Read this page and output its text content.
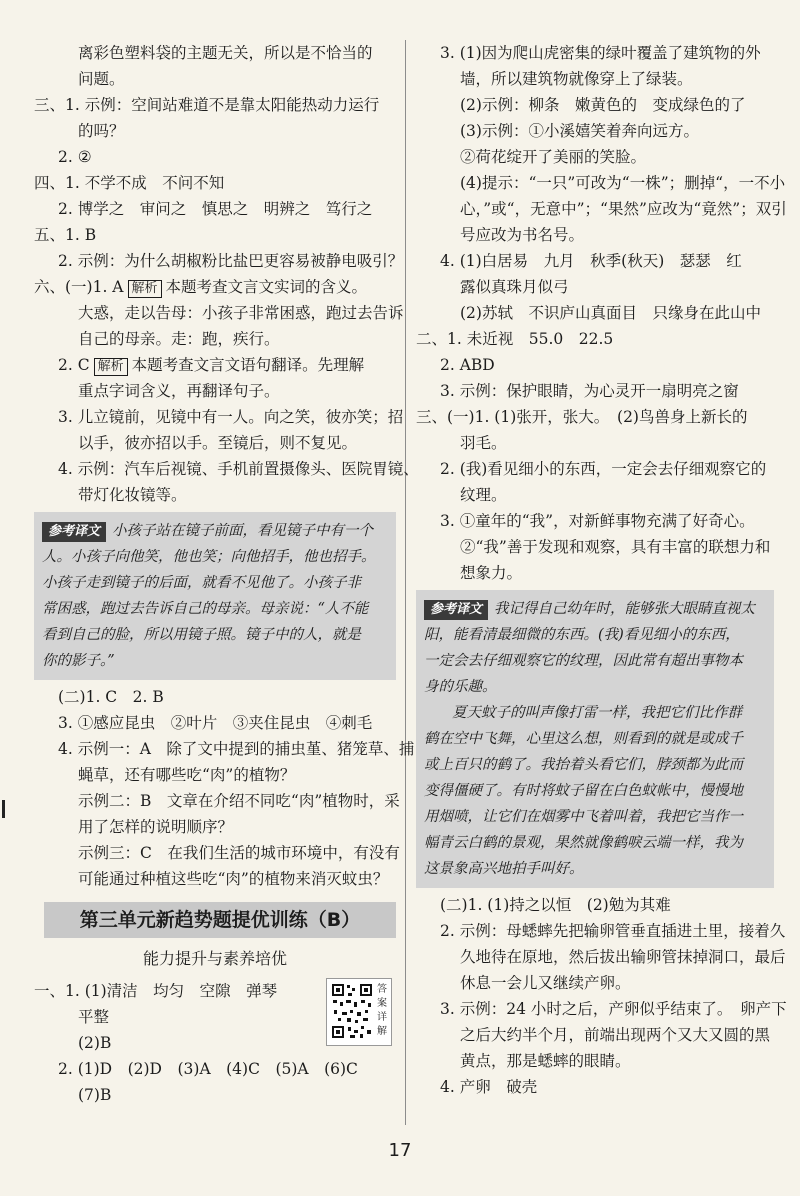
离彩色塑料袋的主题无关，所以是不恰当的
问题。
三、1. 示例：空间站难道不是靠太阳能热动力运行
的吗？
2. ②
四、1. 不学不成　不问不知
2. 博学之　审问之　慎思之　明辨之　笃行之
五、1. B
2. 示例：为什么胡椒粉比盐巴更容易被静电吸引？
六、(一)1. A 解析 本题考查文言文实词的含义。
大惑，走以告母：小孩子非常困惑，跑过去告诉
自己的母亲。走：跑，疾行。
2. C 解析 本题考查文言文语句翻译。先理解
重点字词含义，再翻译句子。
3. 儿立镜前，见镜中有一人。向之笑，彼亦笑；招
以手，彼亦招以手。至镜后，则不复见。
4. 示例：汽车后视镜、手机前置摄像头、医院胃镜、
带灯化妆镜等。
参考译文 小孩子站在镜子前面，看见镜子中有一个
人。小孩子向他笑，他也笑；向他招手，他也招手。
小孩子走到镜子的后面，就看不见他了。小孩子非
常困惑，跑过去告诉自己的母亲。母亲说：“人不能
看到自己的脸，所以用镜子照。镜子中的人，就是
你的影子。”
(二)1. C　2. B
3. ①感应昆虫　②叶片　③夹住昆虫　④刺毛
4. 示例一：A　除了文中提到的捕虫堇、猪笼草、捕
蝇草，还有哪些吃“肉”的植物？
示例二：B　文章在介绍不同吃“肉”植物时，采
用了怎样的说明顺序？
示例三：C　在我们生活的城市环境中，有没有
可能通过种植这些吃“肉”的植物来消灭蚊虫？
第三单元新趋势题提优训练（B）
能力提升与素养培优
答案详解
一、1. (1)清洁　均匀　空隙　弹琴
平整
(2)B
2. (1)D　(2)D　(3)A　(4)C　(5)A　(6)C
(7)B
3. (1)因为爬山虎密集的绿叶覆盖了建筑物的外
墙，所以建筑物就像穿上了绿装。
(2)示例：柳条　嫩黄色的　变成绿色的了
(3)示例：①小溪嬉笑着奔向远方。
②荷花绽开了美丽的笑脸。
(4)提示：“一只”可改为“一株”；删掉“，一不小
心，”或“，无意中”；“果然”应改为“竟然”；双引
号应改为书名号。
4. (1)白居易　九月　秋季(秋天)　瑟瑟　红
露似真珠月似弓
(2)苏轼　不识庐山真面目　只缘身在此山中
二、1. 未近视　55.0　22.5
2. ABD
3. 示例：保护眼睛，为心灵开一扇明亮之窗
三、(一)1. (1)张开，张大。　(2)鸟兽身上新长的
羽毛。
2. (我)看见细小的东西，一定会去仔细观察它的
纹理。
3. ①童年的“我”，对新鲜事物充满了好奇心。
②“我”善于发现和观察，具有丰富的联想力和
想象力。
参考译文 我记得自己幼年时，能够张大眼睛直视太
阳，能看清最细微的东西。(我)看见细小的东西，
一定会去仔细观察它的纹理，因此常有超出事物本
身的乐趣。
夏天蚊子的叫声像打雷一样，我把它们比作群
鹤在空中飞舞，心里这么想，则看到的就是或成千
或上百只的鹤了。我抬着头看它们，脖颈都为此而
变得僵硬了。有时将蚊子留在白色蚊帐中，慢慢地
用烟喷，让它们在烟雾中飞着叫着，我把它当作一
幅青云白鹤的景观，果然就像鹤唳云端一样，我为
这景象高兴地拍手叫好。
(二)1. (1)持之以恒　(2)勉为其难
2. 示例：母蟋蟀先把输卵管垂直插进土里，接着久
久地待在原地，然后拔出输卵管抹掉洞口，最后
休息一会儿又继续产卵。
3. 示例：24 小时之后，产卵似乎结束了。　卵产下
之后大约半个月，前端出现两个又大又圆的黑
黄点，那是蟋蟀的眼睛。
4. 产卵　破壳
17
